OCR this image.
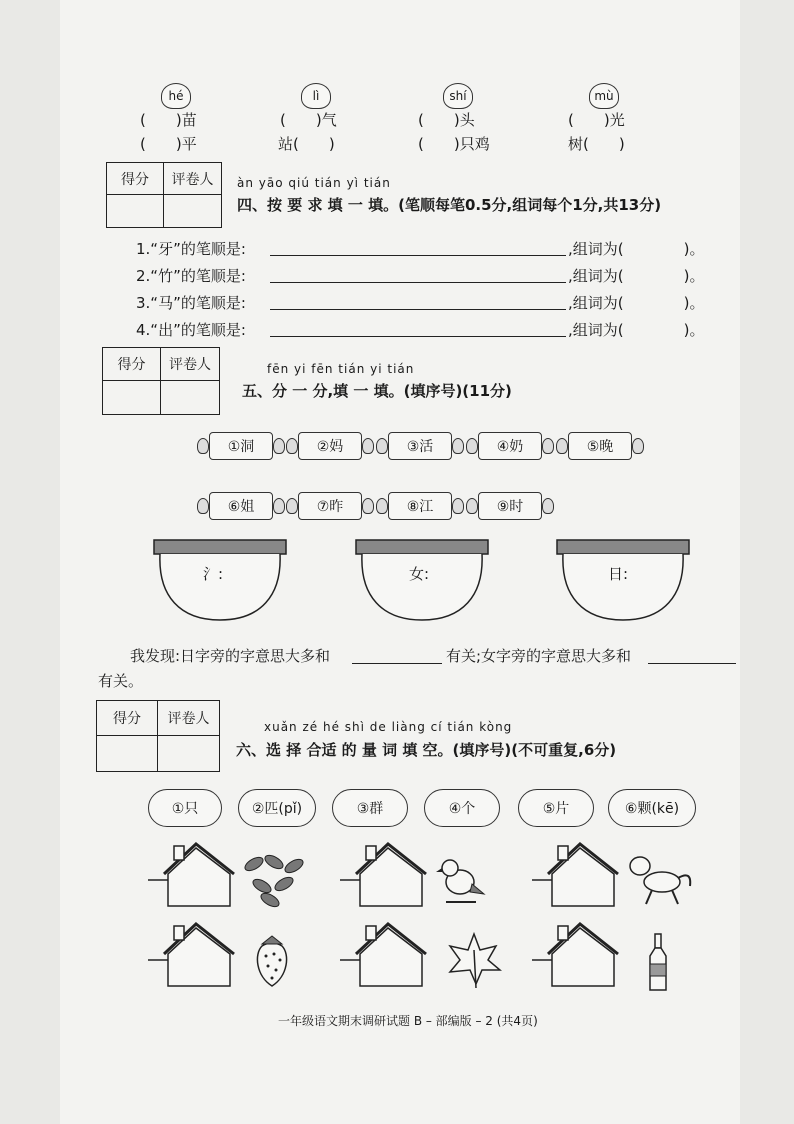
hé	lì	shí	mù
(　　)苗	(　　)气	(　　)头	(　　)光
(　　)平	站(　　)	(　　)只鸡	树(　　)
得分	评卷人	àn yāo qiú tián yì tián
四、按 要 求 填 一 填。(笔顺每笔0.5分,组词每个1分,共13分)
1.“牙”的笔顺是:	,组词为(　　　　)。
2.“竹”的笔顺是:	,组词为(　　　　)。
3.“马”的笔顺是:	,组词为(　　　　)。
4.“出”的笔顺是:	,组词为(　　　　)。
得分	评卷人	fēn yi fēn tián yi tián
五、分 一 分,填 一 填。(填序号)(11分)
①洞	②妈	③活	④奶	⑤晚
⑥姐	⑦昨	⑧江	⑨时
氵:	女:	日:
我发现:日字旁的字意思大多和	有关;女字旁的字意思大多和
有关。
得分	评卷人	xuǎn zé hé shì de liàng cí tián kòng
六、选 择 合适 的 量 词 填 空。(填序号)(不可重复,6分)
①只	②匹(pǐ)	③群	④个	⑤片	⑥颗(kē)
一年级语文期末调研试题 B – 部编版 – 2 (共4页)
